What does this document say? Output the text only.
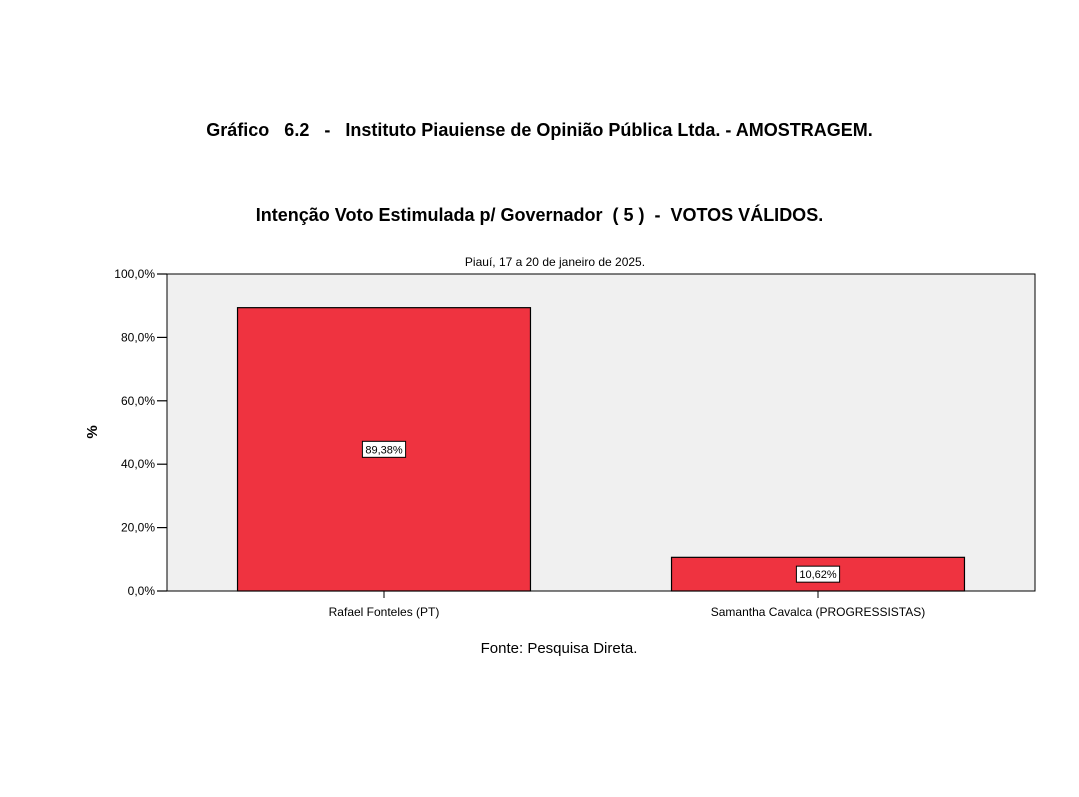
Gráfico   6.2   -   Instituto Piauiense de Opinião Pública Ltda. - AMOSTRAGEM.
Intenção Voto Estimulada p/ Governador  ( 5 )  -  VOTOS VÁLIDOS.
Piauí, 17 a 20 de janeiro de 2025.
0,0%
20,0%
40,0%
60,0%
80,0%
100,0%
89,38%
10,62%
Rafael Fonteles (PT)	Samantha Cavalca (PROGRESSISTAS)
%
Fonte: Pesquisa Direta.
